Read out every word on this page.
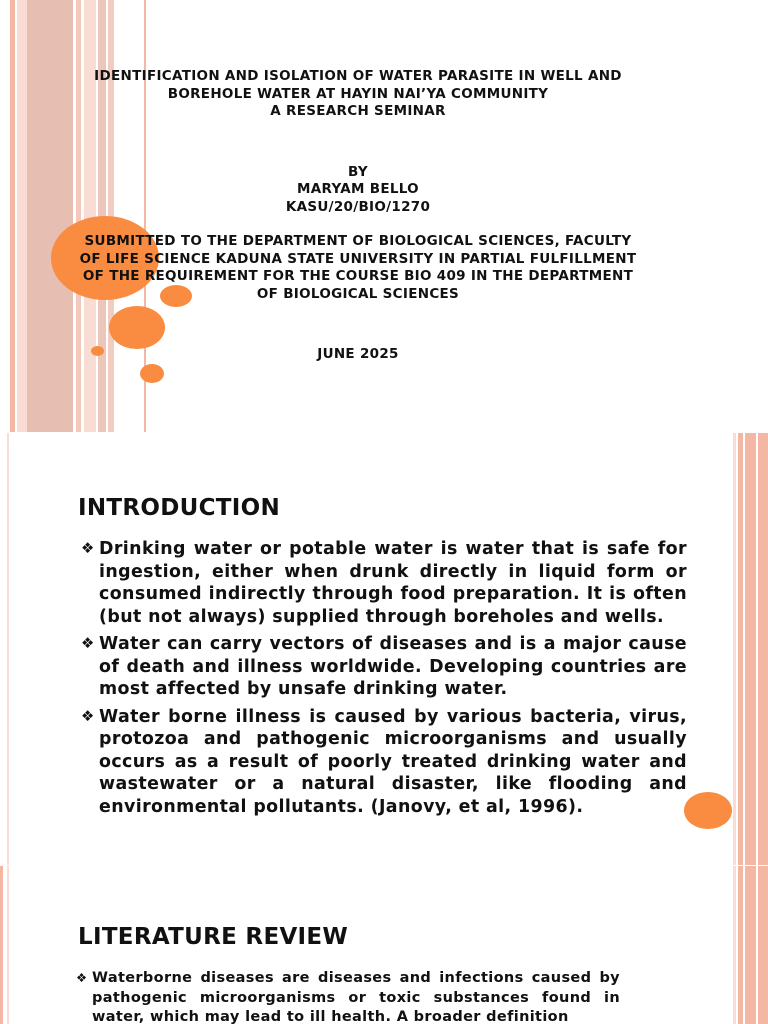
IDENTIFICATION AND ISOLATION OF WATER PARASITE IN WELL AND
BOREHOLE WATER AT HAYIN NAI’YA COMMUNITY
A RESEARCH SEMINAR
BY
MARYAM BELLO
KASU/20/BIO/1270
SUBMITTED TO THE DEPARTMENT OF BIOLOGICAL SCIENCES, FACULTY
OF LIFE SCIENCE KADUNA STATE UNIVERSITY IN PARTIAL FULFILLMENT
OF THE REQUIREMENT FOR THE COURSE BIO 409 IN THE DEPARTMENT
OF BIOLOGICAL SCIENCES
JUNE 2025
INTRODUCTION
❖ Drinking water or potable water is water that is safe for ingestion, either when drunk directly in liquid form or consumed indirectly through food preparation. It is often (but not always) supplied through boreholes and wells.
❖ Water can carry vectors of diseases and is a major cause of death and illness worldwide. Developing countries are most affected by unsafe drinking water.
❖ Water borne illness is caused by various bacteria, virus, protozoa and pathogenic microorganisms and usually occurs as a result of poorly treated drinking water and wastewater or a natural disaster, like flooding and environmental pollutants. (Janovy, et al, 1996).
LITERATURE REVIEW
❖ Waterborne diseases are diseases and infections caused by pathogenic microorganisms or toxic substances found in water, which may lead to ill health. A broader definition
